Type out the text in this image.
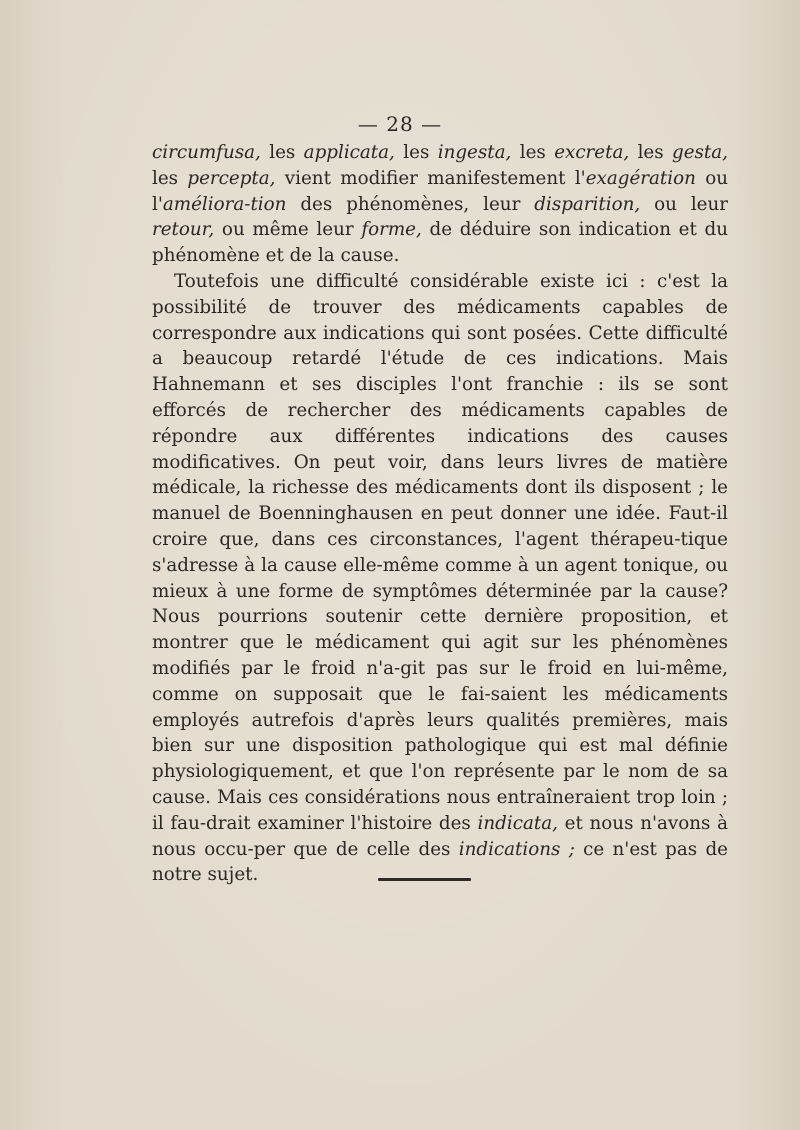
— 28 —

circumfusa, les applicata, les ingesta, les excreta, les gesta, les percepta, vient modifier manifestement l'exagération ou l'améliora-tion des phénomènes, leur disparition, ou leur retour, ou même leur forme, de déduire son indication et du phénomène et de la cause.

Toutefois une difficulté considérable existe ici : c'est la possibilité de trouver des médicaments capables de correspondre aux indications qui sont posées. Cette difficulté a beaucoup retardé l'étude de ces indications. Mais Hahnemann et ses disciples l'ont franchie : ils se sont efforcés de rechercher des médicaments capables de répondre aux différentes indications des causes modificatives. On peut voir, dans leurs livres de matière médicale, la richesse des médicaments dont ils disposent ; le manuel de Boenninghausen en peut donner une idée. Faut-il croire que, dans ces circonstances, l'agent thérapeu-tique s'adresse à la cause elle-même comme à un agent tonique, ou mieux à une forme de symptômes déterminée par la cause? Nous pourrions soutenir cette dernière proposition, et montrer que le médicament qui agit sur les phénomènes modifiés par le froid n'a-git pas sur le froid en lui-même, comme on supposait que le fai-saient les médicaments employés autrefois d'après leurs qualités premières, mais bien sur une disposition pathologique qui est mal définie physiologiquement, et que l'on représente par le nom de sa cause. Mais ces considérations nous entraîneraient trop loin ; il fau-drait examiner l'histoire des indicata, et nous n'avons à nous occu-per que de celle des indications ; ce n'est pas de notre sujet.
